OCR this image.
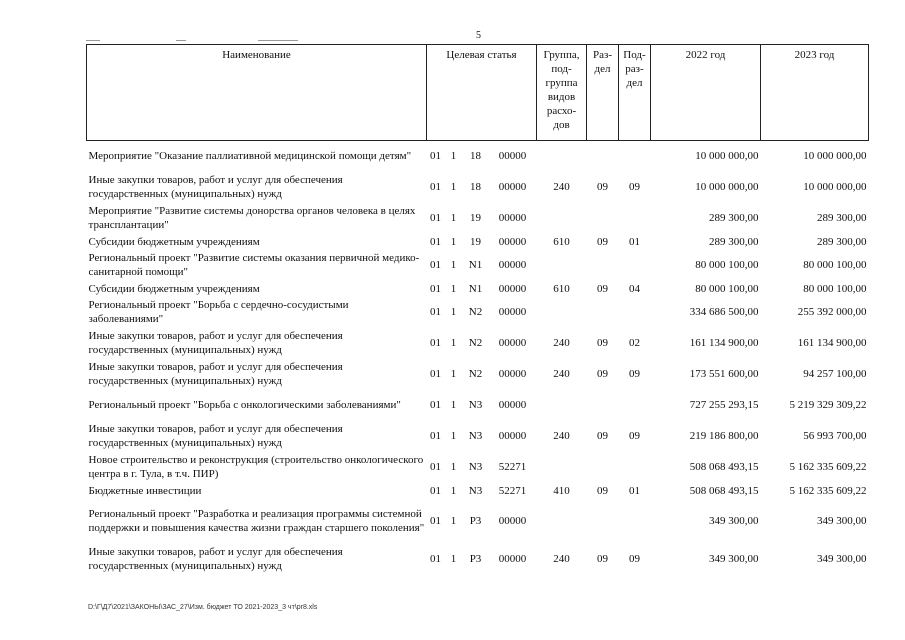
5
Наименование	Целевая статья				Группа, под- группа видов расхо- дов	Раз- дел	Под- раз- дел	2022 год	2023 год
Мероприятие "Оказание паллиативной медицинской помощи детям"	01	1	18	00000				10 000 000,00	10 000 000,00
Иные закупки товаров, работ и услуг для обеспечения государственных (муниципальных) нужд	01	1	18	00000	240	09	09	10 000 000,00	10 000 000,00
Мероприятие "Развитие системы донорства органов человека в целях трансплантации"	01	1	19	00000				289 300,00	289 300,00
Субсидии бюджетным учреждениям	01	1	19	00000	610	09	01	289 300,00	289 300,00
Региональный проект "Развитие системы оказания первичной медико-санитарной помощи"	01	1	N1	00000				80 000 100,00	80 000 100,00
Субсидии бюджетным учреждениям	01	1	N1	00000	610	09	04	80 000 100,00	80 000 100,00
Региональный проект "Борьба с сердечно-сосудистыми заболеваниями"	01	1	N2	00000				334 686 500,00	255 392 000,00
Иные закупки товаров, работ и услуг для обеспечения государственных (муниципальных) нужд	01	1	N2	00000	240	09	02	161 134 900,00	161 134 900,00
Иные закупки товаров, работ и услуг для обеспечения государственных (муниципальных) нужд	01	1	N2	00000	240	09	09	173 551 600,00	94 257 100,00
Региональный проект "Борьба с онкологическими заболеваниями"	01	1	N3	00000				727 255 293,15	5 219 329 309,22
Иные закупки товаров, работ и услуг для обеспечения государственных (муниципальных) нужд	01	1	N3	00000	240	09	09	219 186 800,00	56 993 700,00
Новое строительство и реконструкция (строительство онкологического центра в г. Тула, в т.ч. ПИР)	01	1	N3	52271				508 068 493,15	5 162 335 609,22
Бюджетные инвестиции	01	1	N3	52271	410	09	01	508 068 493,15	5 162 335 609,22
Региональный проект "Разработка и реализация программы системной поддержки и повышения качества жизни граждан старшего поколения"	01	1	P3	00000				349 300,00	349 300,00
Иные закупки товаров, работ и услуг для обеспечения государственных (муниципальных) нужд	01	1	P3	00000	240	09	09	349 300,00	349 300,00
D:\Г\Д7\2021\ЗАКОНЫ\ЗАС_27\Изм. бюджет ТО 2021-2023_3 чт\pr8.xls
